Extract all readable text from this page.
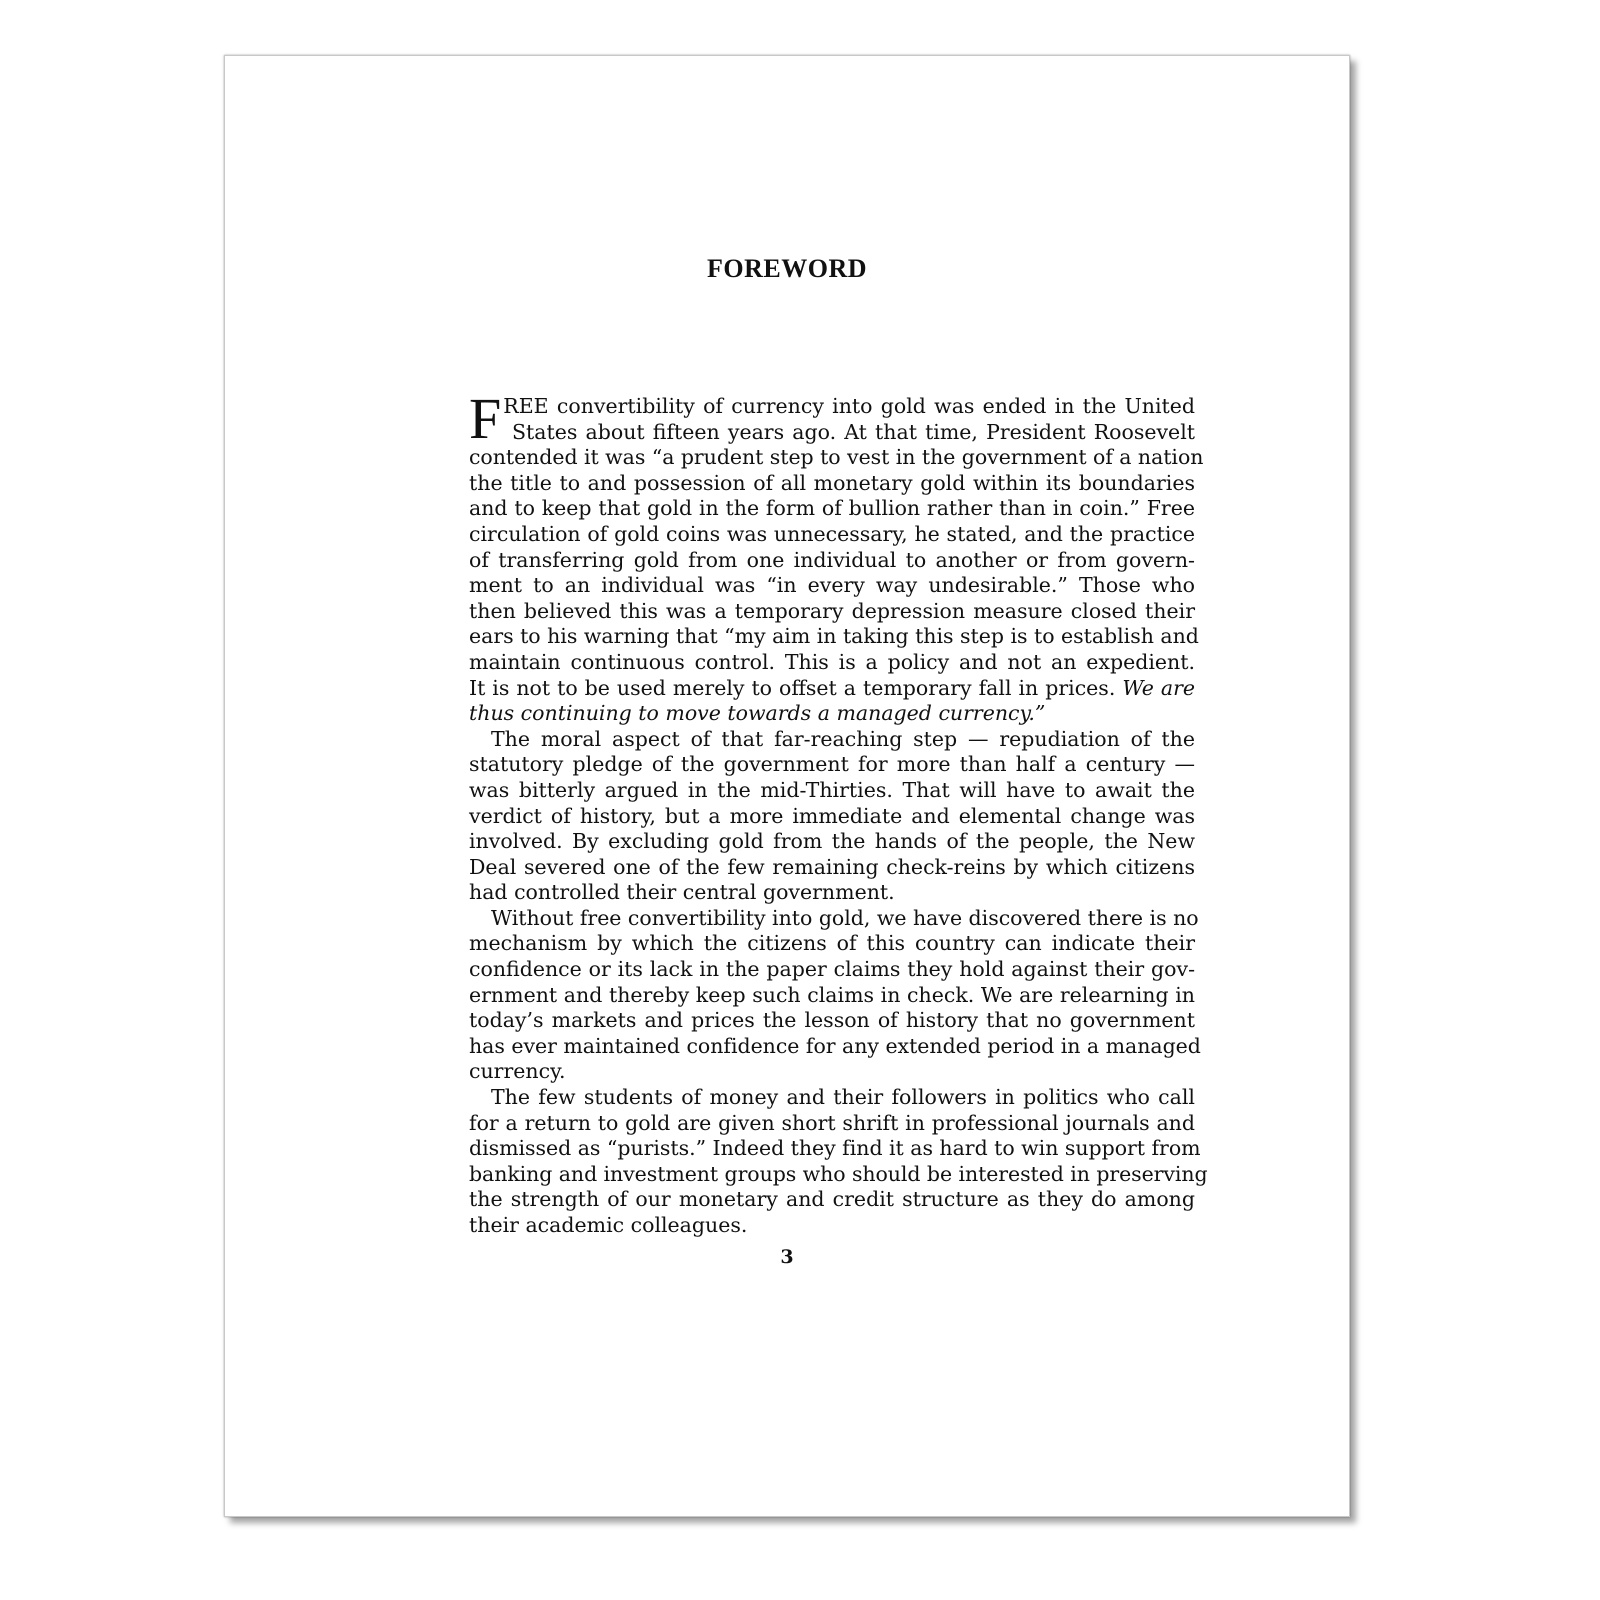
FOREWORD
F REE convertibility of currency into gold was ended in the United
States about fifteen years ago. At that time, President Roosevelt
contended it was “a prudent step to vest in the government of a nation
the title to and possession of all monetary gold within its boundaries
and to keep that gold in the form of bullion rather than in coin.” Free
circulation of gold coins was unnecessary, he stated, and the practice
of transferring gold from one individual to another or from govern-
ment to an individual was “in every way undesirable.” Those who
then believed this was a temporary depression measure closed their
ears to his warning that “my aim in taking this step is to establish and
maintain continuous control. This is a policy and not an expedient.
It is not to be used merely to offset a temporary fall in prices. We are
thus continuing to move towards a managed currency.”
The moral aspect of that far-reaching step — repudiation of the
statutory pledge of the government for more than half a century —
was bitterly argued in the mid-Thirties. That will have to await the
verdict of history, but a more immediate and elemental change was
involved. By excluding gold from the hands of the people, the New
Deal severed one of the few remaining check-reins by which citizens
had controlled their central government.
Without free convertibility into gold, we have discovered there is no
mechanism by which the citizens of this country can indicate their
confidence or its lack in the paper claims they hold against their gov-
ernment and thereby keep such claims in check. We are relearning in
today’s markets and prices the lesson of history that no government
has ever maintained confidence for any extended period in a managed
currency.
The few students of money and their followers in politics who call
for a return to gold are given short shrift in professional journals and
dismissed as “purists.” Indeed they find it as hard to win support from
banking and investment groups who should be interested in preserving
the strength of our monetary and credit structure as they do among
their academic colleagues.
3
